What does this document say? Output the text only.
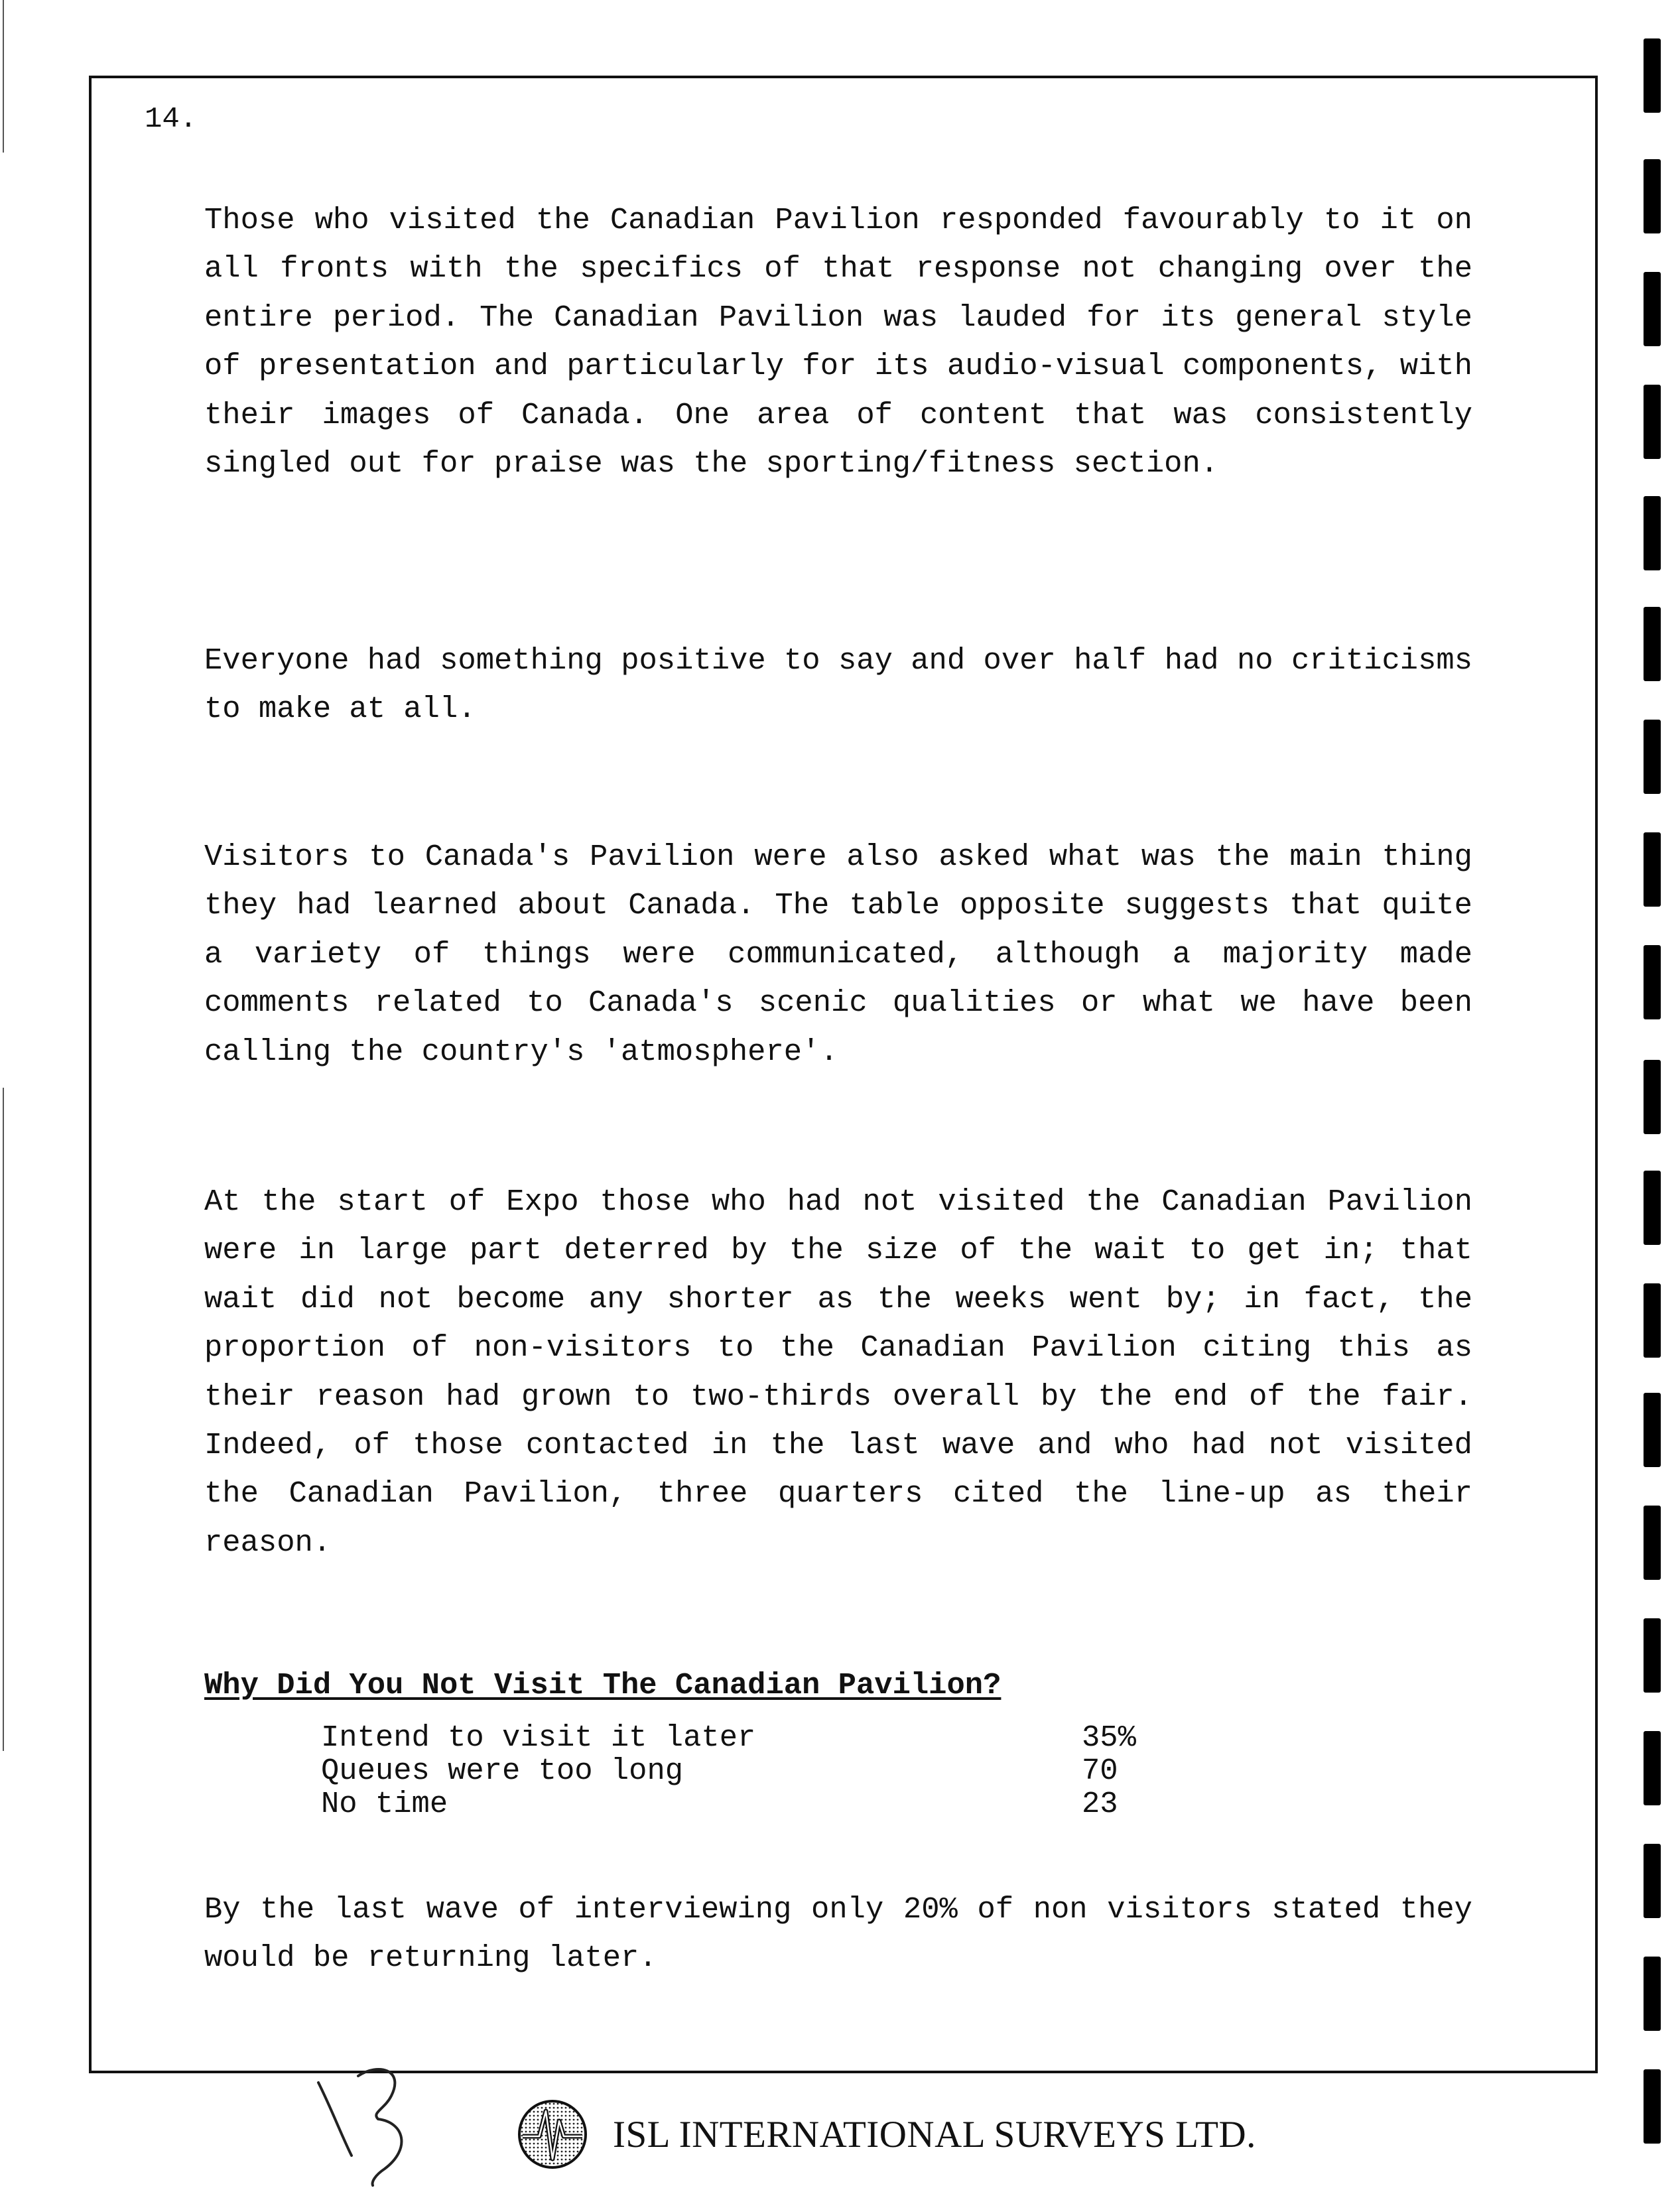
14.

Those who visited the Canadian Pavilion responded favourably to it on all fronts with the specifics of that response not changing over the entire period. The Canadian Pavilion was lauded for its general style of presentation and particularly for its audio-visual components, with their images of Canada. One area of content that was consistently singled out for praise was the sporting/fitness section.

Everyone had something positive to say and over half had no criticisms to make at all.

Visitors to Canada's Pavilion were also asked what was the main thing they had learned about Canada. The table opposite suggests that quite a variety of things were communicated, although a majority made comments related to Canada's scenic qualities or what we have been calling the country's 'atmosphere'.

At the start of Expo those who had not visited the Canadian Pavilion were in large part deterred by the size of the wait to get in; that wait did not become any shorter as the weeks went by; in fact, the proportion of non-visitors to the Canadian Pavilion citing this as their reason had grown to two-thirds overall by the end of the fair. Indeed, of those contacted in the last wave and who had not visited the Canadian Pavilion, three quarters cited the line-up as their reason.

Why Did You Not Visit The Canadian Pavilion?
Intend to visit it later	35%
Queues were too long	70
No time	23

By the last wave of interviewing only 20% of non visitors stated they would be returning later.

ISL INTERNATIONAL SURVEYS LTD.
